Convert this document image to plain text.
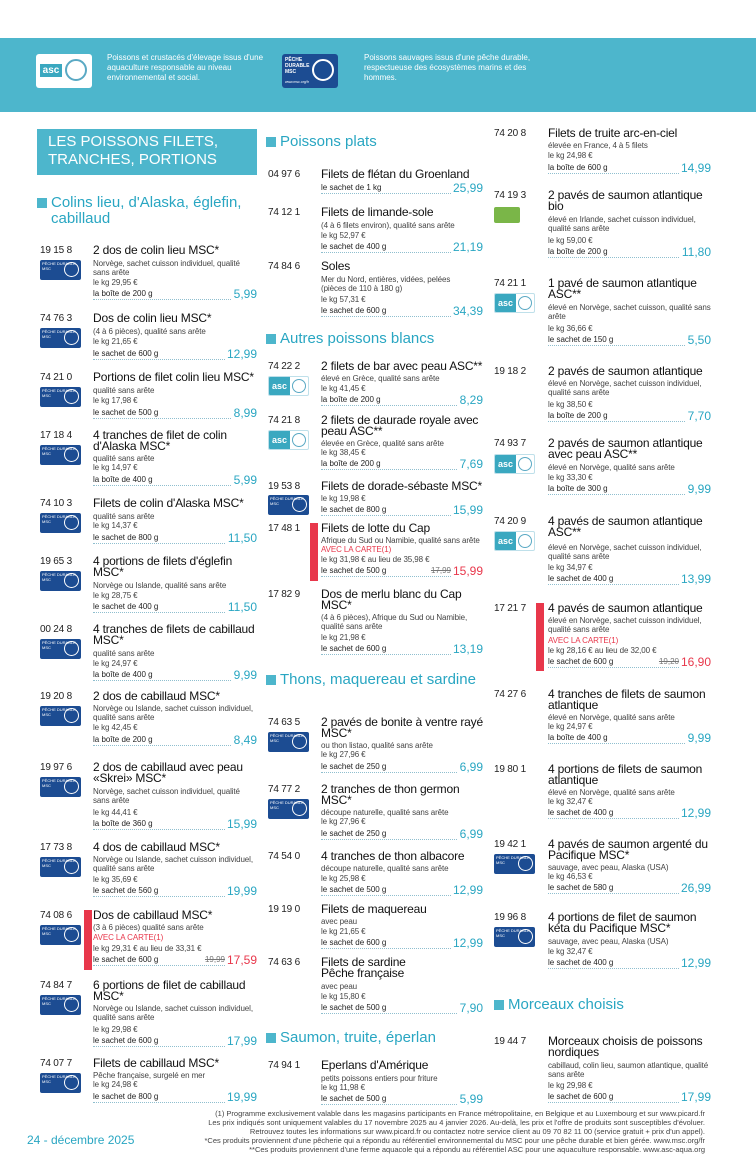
asc
Poissons et crustacés d'élevage issus d'une aquaculture responsable au niveau environnemental et social.
PÊCHE DURABLE MSC
www.msc.org/fr
Poissons sauvages issus d'une pêche durable, respectueuse des écosystèmes marins et des hommes.
LES POISSONS FILETS, TRANCHES, PORTIONS
Colins lieu, d'Alaska, églefin, cabillaud
Poissons plats
Autres poissons blancs
Thons, maquereau et sardine
Saumon, truite, éperlan
Morceaux choisis
19 15 8
PÊCHE DURABLE MSC
2 dos de colin lieu MSC*
Norvège, sachet cuisson individuel, qualité sans arête
le kg 29,95 €
la boîte de 200 g	5,99
74 76 3
PÊCHE DURABLE MSC
Dos de colin lieu MSC*
(4 à 6 pièces), qualité sans arête
le kg 21,65 €
le sachet de 600 g	12,99
74 21 0
PÊCHE DURABLE MSC
Portions de filet colin lieu MSC*
qualité sans arête
le kg 17,98 €
le sachet de 500 g	8,99
17 18 4
PÊCHE DURABLE MSC
4 tranches de filet de colin d'Alaska MSC*
qualité sans arête
le kg 14,97 €
la boîte de 400 g	5,99
74 10 3
PÊCHE DURABLE MSC
Filets de colin d'Alaska MSC*
qualité sans arête
le kg 14,37 €
le sachet de 800 g	11,50
19 65 3
PÊCHE DURABLE MSC
4 portions de filets d'églefin MSC*
Norvège ou Islande, qualité sans arête
le kg 28,75 €
le sachet de 400 g	11,50
00 24 8
PÊCHE DURABLE MSC
4 tranches de filets de cabillaud MSC*
qualité sans arête
le kg 24,97 €
la boîte de 400 g	9,99
19 20 8
PÊCHE DURABLE MSC
2 dos de cabillaud MSC*
Norvège ou Islande, sachet cuisson individuel, qualité sans arête
le kg 42,45 €
la boîte de 200 g	8,49
19 97 6
PÊCHE DURABLE MSC
2 dos de cabillaud avec peau «Skrei» MSC*
Norvège, sachet cuisson individuel, qualité sans arête
le kg 44,41 €
la boîte de 360 g	15,99
17 73 8
PÊCHE DURABLE MSC
4 dos de cabillaud MSC*
Norvège ou Islande, sachet cuisson individuel, qualité sans arête
le kg 35,69 €
le sachet de 560 g	19,99
74 08 6
PÊCHE DURABLE MSC
Dos de cabillaud MSC*
(3 à 6 pièces) qualité sans arête
AVEC LA CARTE(1)
le kg 29,31 € au lieu de 33,31 €
le sachet de 600 g	19,99 17,59
74 84 7
PÊCHE DURABLE MSC
6 portions de filet de cabillaud MSC*
Norvège ou Islande, sachet cuisson individuel, qualité sans arête
le kg 29,98 €
le sachet de 600 g	17,99
74 07 7
PÊCHE DURABLE MSC
Filets de cabillaud MSC*
Pêche française, surgelé en mer
le kg 24,98 €
le sachet de 800 g	19,99
04 97 6 Filets de flétan du Groenland
le sachet de 1 kg	25,99
74 12 1 Filets de limande-sole
(4 à 6 filets environ), qualité sans arête
le kg 52,97 €
le sachet de 400 g	21,19
74 84 6 Soles
Mer du Nord, entières, vidées, pelées (pièces de 110 à 180 g)
le kg 57,31 €
le sachet de 600 g	34,39
74 22 2
asc
2 filets de bar avec peau ASC**
élevé en Grèce, qualité sans arête
le kg 41,45 €
la boîte de 200 g	8,29
74 21 8
asc
2 filets de daurade royale avec peau ASC**
élevée en Grèce, qualité sans arête
le kg 38,45 €
la boîte de 200 g	7,69
19 53 8
PÊCHE DURABLE MSC
Filets de dorade-sébaste MSC*
le kg 19,98 €
le sachet de 800 g	15,99
17 48 1 Filets de lotte du Cap
Afrique du Sud ou Namibie, qualité sans arête
AVEC LA CARTE(1)
le kg 31,98 € au lieu de 35,98 €
le sachet de 500 g	17,99 15,99
17 82 9 Dos de merlu blanc du Cap MSC*
(4 à 6 pièces), Afrique du Sud ou Namibie, qualité sans arête
le kg 21,98 €
le sachet de 600 g	13,19
74 63 5
PÊCHE DURABLE MSC
2 pavés de bonite à ventre rayé MSC*
ou thon listao, qualité sans arête
le kg 27,96 €
le sachet de 250 g	6,99
74 77 2
PÊCHE DURABLE MSC
2 tranches de thon germon MSC*
découpe naturelle, qualité sans arête
le kg 27,96 €
le sachet de 250 g	6,99
74 54 0 4 tranches de thon albacore
découpe naturelle, qualité sans arête
le kg 25,98 €
le sachet de 500 g	12,99
19 19 0 Filets de maquereau
avec peau
le kg 21,65 €
le sachet de 600 g	12,99
74 63 6 Filets de sardine Pêche française
avec peau
le kg 15,80 €
le sachet de 500 g	7,90
74 94 1 Eperlans d'Amérique
petits poissons entiers pour friture
le kg 11,98 €
le sachet de 500 g	5,99
74 20 8 Filets de truite arc-en-ciel
élevée en France, 4 à 5 filets
le kg 24,98 €
la boîte de 600 g	14,99
74 19 3 2 pavés de saumon atlantique bio
élevé en Irlande, sachet cuisson individuel, qualité sans arête
le kg 59,00 €
la boîte de 200 g	11,80
74 21 1
asc
1 pavé de saumon atlantique ASC**
élevé en Norvège, sachet cuisson, qualité sans arête
le kg 36,66 €
le sachet de 150 g	5,50
19 18 2 2 pavés de saumon atlantique
élevé en Norvège, sachet cuisson individuel, qualité sans arête
le kg 38,50 €
la boîte de 200 g	7,70
74 93 7
asc
2 pavés de saumon atlantique avec peau ASC**
élevé en Norvège, qualité sans arête
le kg 33,30 €
la boîte de 300 g	9,99
74 20 9
asc
4 pavés de saumon atlantique ASC**
élevé en Norvège, sachet cuisson individuel, qualité sans arête
le kg 34,97 €
le sachet de 400 g	13,99
17 21 7 4 pavés de saumon atlantique
élevé en Norvège, sachet cuisson individuel, qualité sans arête
AVEC LA CARTE(1)
le kg 28,16 € au lieu de 32,00 €
le sachet de 600 g	19,20 16,90
74 27 6 4 tranches de filets de saumon atlantique
élevé en Norvège, qualité sans arête
le kg 24,97 €
la boîte de 400 g	9,99
19 80 1 4 portions de filets de saumon atlantique
élevé en Norvège, qualité sans arête
le kg 32,47 €
le sachet de 400 g	12,99
19 42 1
PÊCHE DURABLE MSC
4 pavés de saumon argenté du Pacifique MSC*
sauvage, avec peau, Alaska (USA)
le kg 46,53 €
le sachet de 580 g	26,99
19 96 8
PÊCHE DURABLE MSC
4 portions de filet de saumon kéta du Pacifique MSC*
sauvage, avec peau, Alaska (USA)
le kg 32,47 €
le sachet de 400 g	12,99
19 44 7 Morceaux choisis de poissons nordiques
cabillaud, colin lieu, saumon atlantique, qualité sans arête
le kg 29,98 €
le sachet de 600 g	17,99
(1) Programme exclusivement valable dans les magasins participants en France métropolitaine, en Belgique et au Luxembourg et sur www.picard.fr
Les prix indiqués sont uniquement valables du 17 novembre 2025 au 4 janvier 2026. Au-delà, les prix et l'offre de produits sont susceptibles d'évoluer.
Retrouvez toutes les informations sur www.picard.fr ou contactez notre service client au 09 70 82 11 00 (service gratuit + prix d'un appel).
*Ces produits proviennent d'une pêcherie qui a répondu au référentiel environnemental du MSC pour une pêche durable et bien gérée. www.msc.org/fr
**Ces produits proviennent d'une ferme aquacole qui a répondu au référentiel ASC pour une aquaculture responsable. www.asc-aqua.org
24 - décembre 2025
